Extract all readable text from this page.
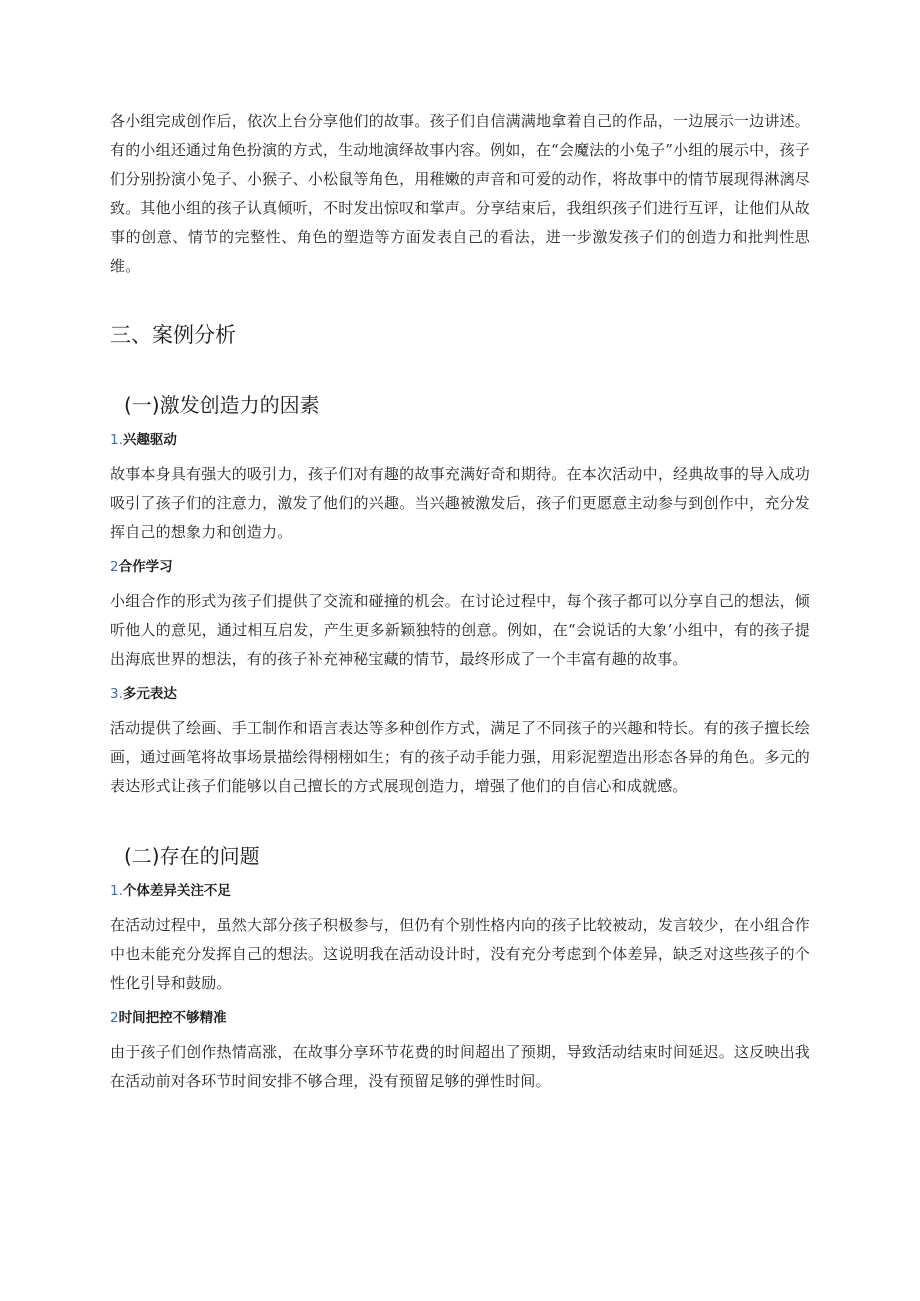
各小组完成创作后，依次上台分享他们的故事。孩子们自信满满地拿着自己的作品，一边展示一边讲述。有的小组还通过角色扮演的方式，生动地演绎故事内容。例如，在“会魔法的小兔子”小组的展示中，孩子们分别扮演小兔子、小猴子、小松鼠等角色，用稚嫩的声音和可爱的动作，将故事中的情节展现得淋漓尽致。其他小组的孩子认真倾听，不时发出惊叹和掌声。分享结束后，我组织孩子们进行互评，让他们从故事的创意、情节的完整性、角色的塑造等方面发表自己的看法，进一步激发孩子们的创造力和批判性思维。

三、案例分析
(一)激发创造力的因素
1.兴趣驱动

故事本身具有强大的吸引力，孩子们对有趣的故事充满好奇和期待。在本次活动中，经典故事的导入成功吸引了孩子们的注意力，激发了他们的兴趣。当兴趣被激发后，孩子们更愿意主动参与到创作中，充分发挥自己的想象力和创造力。

2合作学习

小组合作的形式为孩子们提供了交流和碰撞的机会。在讨论过程中，每个孩子都可以分享自己的想法，倾听他人的意见，通过相互启发，产生更多新颖独特的创意。例如，在“会说话的大象’小组中，有的孩子提出海底世界的想法，有的孩子补充神秘宝藏的情节，最终形成了一个丰富有趣的故事。

3.多元表达

活动提供了绘画、手工制作和语言表达等多种创作方式，满足了不同孩子的兴趣和特长。有的孩子擅长绘画，通过画笔将故事场景描绘得栩栩如生；有的孩子动手能力强，用彩泥塑造出形态各异的角色。多元的表达形式让孩子们能够以自己擅长的方式展现创造力，增强了他们的自信心和成就感。

(二)存在的问题
1.个体差异关注不足

在活动过程中，虽然大部分孩子积极参与，但仍有个别性格内向的孩子比较被动，发言较少，在小组合作中也未能充分发挥自己的想法。这说明我在活动设计时，没有充分考虑到个体差异，缺乏对这些孩子的个性化引导和鼓励。

2时间把控不够精准

由于孩子们创作热情高涨，在故事分享环节花费的时间超出了预期，导致活动结束时间延迟。这反映出我在活动前对各环节时间安排不够合理，没有预留足够的弹性时间。
